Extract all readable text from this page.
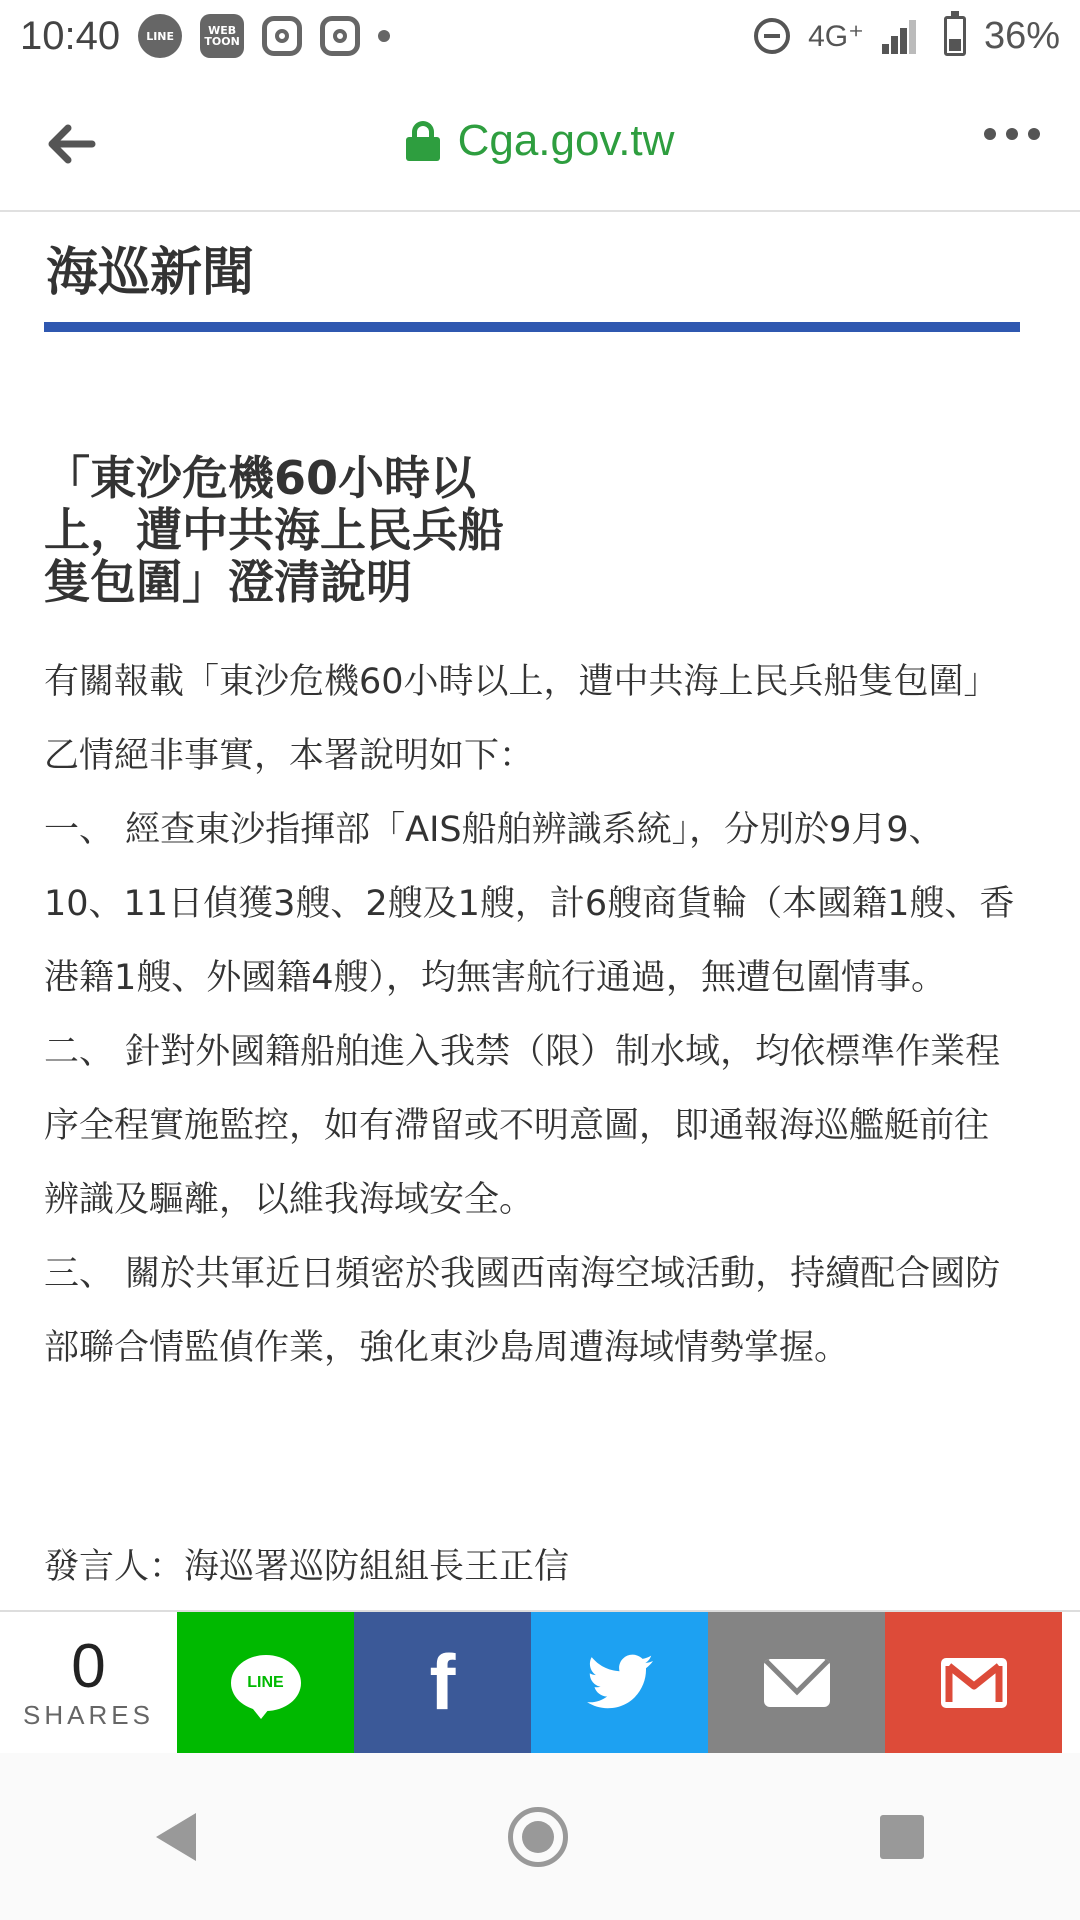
10:40	LINE	WEB TOON	4G⁺	36%
Cga.gov.tw
海巡新聞
「東沙危機60小時以上，遭中共海上民兵船隻包圍」澄清說明

有關報載「東沙危機60小時以上，遭中共海上民兵船隻包圍」乙情絕非事實，本署說明如下：

一、 經查東沙指揮部「AIS船舶辨識系統」，分別於9月9、10、11日偵獲3艘、2艘及1艘，計6艘商貨輪（本國籍1艘、香港籍1艘、外國籍4艘），均無害航行通過，無遭包圍情事。

二、 針對外國籍船舶進入我禁（限）制水域，均依標準作業程序全程實施監控，如有滯留或不明意圖，即通報海巡艦艇前往辨識及驅離，以維我海域安全。

三、 關於共軍近日頻密於我國西南海空域活動，持續配合國防部聯合情監偵作業，強化東沙島周遭海域情勢掌握。

發言人：海巡署巡防組組長王正信
0
SHARES
LINE f
